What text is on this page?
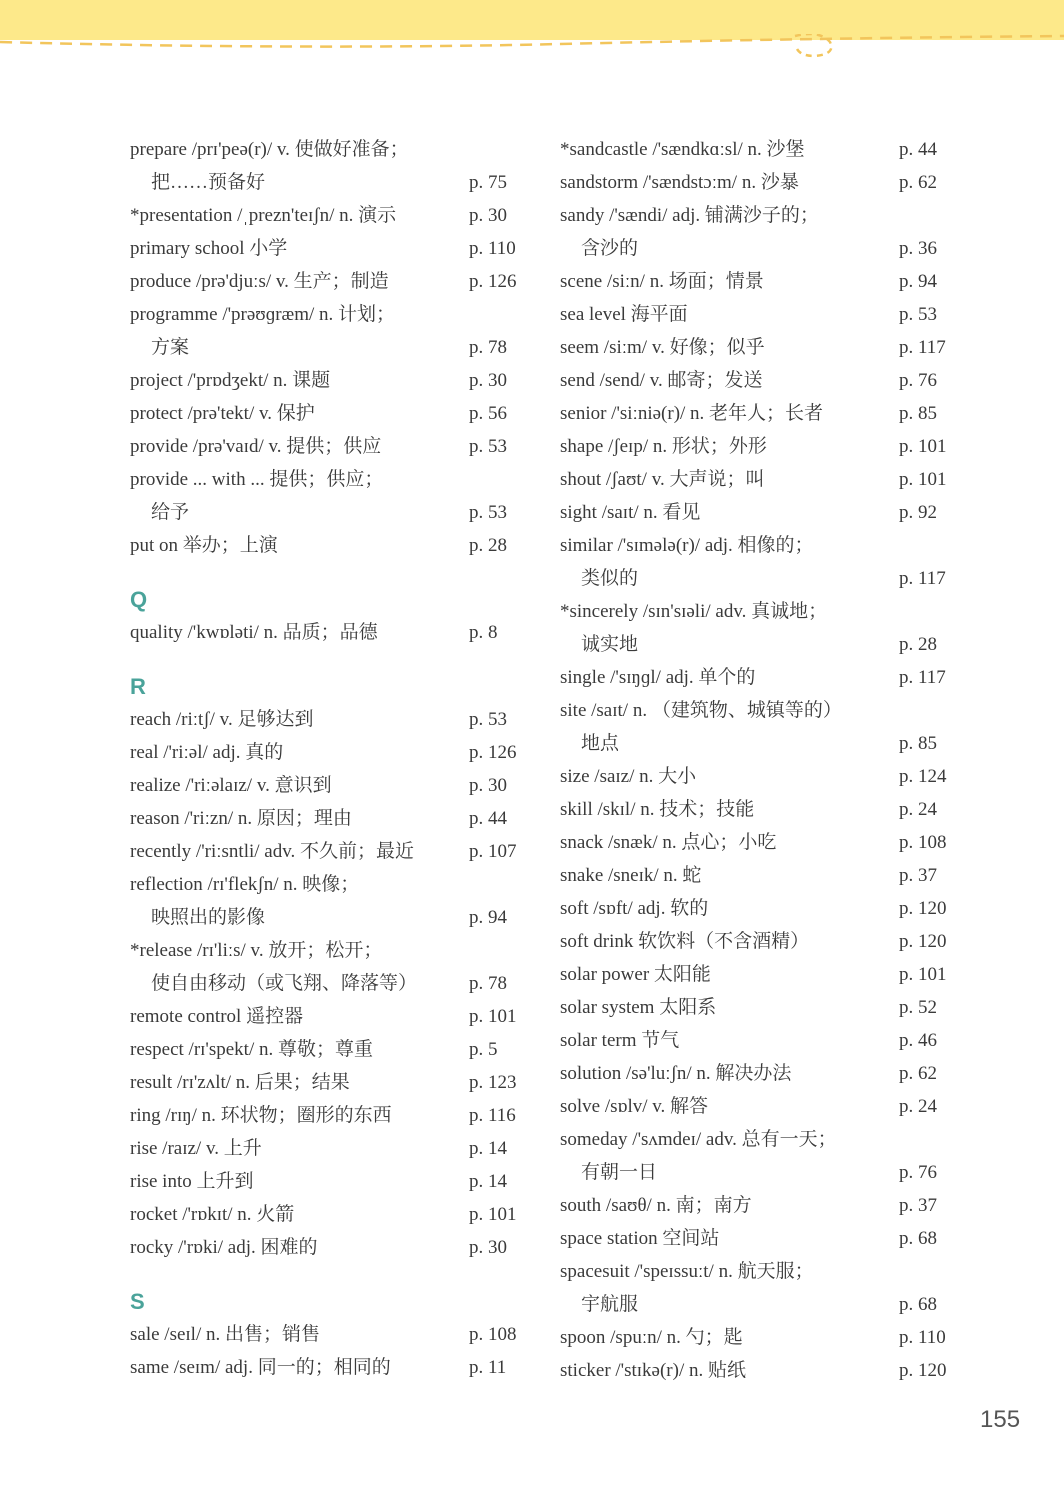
prepare /prɪ'peə(r)/ v. 使做好准备；
把……预备好	p. 75
*presentation /ˌprezn'teɪʃn/ n. 演示	p. 30
primary school 小学	p. 110
produce /prə'djuːs/ v. 生产；制造	p. 126
programme /'prəʊɡræm/ n. 计划；
方案	p. 78
project /'prɒdʒekt/ n. 课题	p. 30
protect /prə'tekt/ v. 保护	p. 56
provide /prə'vaɪd/ v. 提供；供应	p. 53
provide ... with ... 提供；供应；
给予	p. 53
put on 举办；上演	p. 28
Q
quality /'kwɒləti/ n. 品质；品德	p. 8
R
reach /riːtʃ/ v. 足够达到	p. 53
real /'riːəl/ adj. 真的	p. 126
realize /'riːəlaɪz/ v. 意识到	p. 30
reason /'riːzn/ n. 原因；理由	p. 44
recently /'riːsntli/ adv. 不久前；最近	p. 107
reflection /rɪ'flekʃn/ n. 映像；
映照出的影像	p. 94
*release /rɪ'liːs/ v. 放开；松开；
使自由移动（或飞翔、降落等）	p. 78
remote control 遥控器	p. 101
respect /rɪ'spekt/ n. 尊敬；尊重	p. 5
result /rɪ'zʌlt/ n. 后果；结果	p. 123
ring /rɪŋ/ n. 环状物；圈形的东西	p. 116
rise /raɪz/ v. 上升	p. 14
rise into 上升到	p. 14
rocket /'rɒkɪt/ n. 火箭	p. 101
rocky /'rɒki/ adj. 困难的	p. 30
S
sale /seɪl/ n. 出售；销售	p. 108
same /seɪm/ adj. 同一的；相同的	p. 11
*sandcastle /'sændkɑːsl/ n. 沙堡	p. 44
sandstorm /'sændstɔːm/ n. 沙暴	p. 62
sandy /'sændi/ adj. 铺满沙子的；
含沙的	p. 36
scene /siːn/ n. 场面；情景	p. 94
sea level 海平面	p. 53
seem /siːm/ v. 好像；似乎	p. 117
send /send/ v. 邮寄；发送	p. 76
senior /'siːniə(r)/ n. 老年人；长者	p. 85
shape /ʃeɪp/ n. 形状；外形	p. 101
shout /ʃaʊt/ v. 大声说；叫	p. 101
sight /saɪt/ n. 看见	p. 92
similar /'sɪmələ(r)/ adj. 相像的；
类似的	p. 117
*sincerely /sɪn'sɪəli/ adv. 真诚地；
诚实地	p. 28
single /'sɪŋɡl/ adj. 单个的	p. 117
site /saɪt/ n. （建筑物、城镇等的）
地点	p. 85
size /saɪz/ n. 大小	p. 124
skill /skɪl/ n. 技术；技能	p. 24
snack /snæk/ n. 点心；小吃	p. 108
snake /sneɪk/ n. 蛇	p. 37
soft /sɒft/ adj. 软的	p. 120
soft drink 软饮料（不含酒精）	p. 120
solar power 太阳能	p. 101
solar system 太阳系	p. 52
solar term 节气	p. 46
solution /sə'luːʃn/ n. 解决办法	p. 62
solve /sɒlv/ v. 解答	p. 24
someday /'sʌmdeɪ/ adv. 总有一天；
有朝一日	p. 76
south /saʊθ/ n. 南；南方	p. 37
space station 空间站	p. 68
spacesuit /'speɪssuːt/ n. 航天服；
宇航服	p. 68
spoon /spuːn/ n. 勺；匙	p. 110
sticker /'stɪkə(r)/ n. 贴纸	p. 120
155
